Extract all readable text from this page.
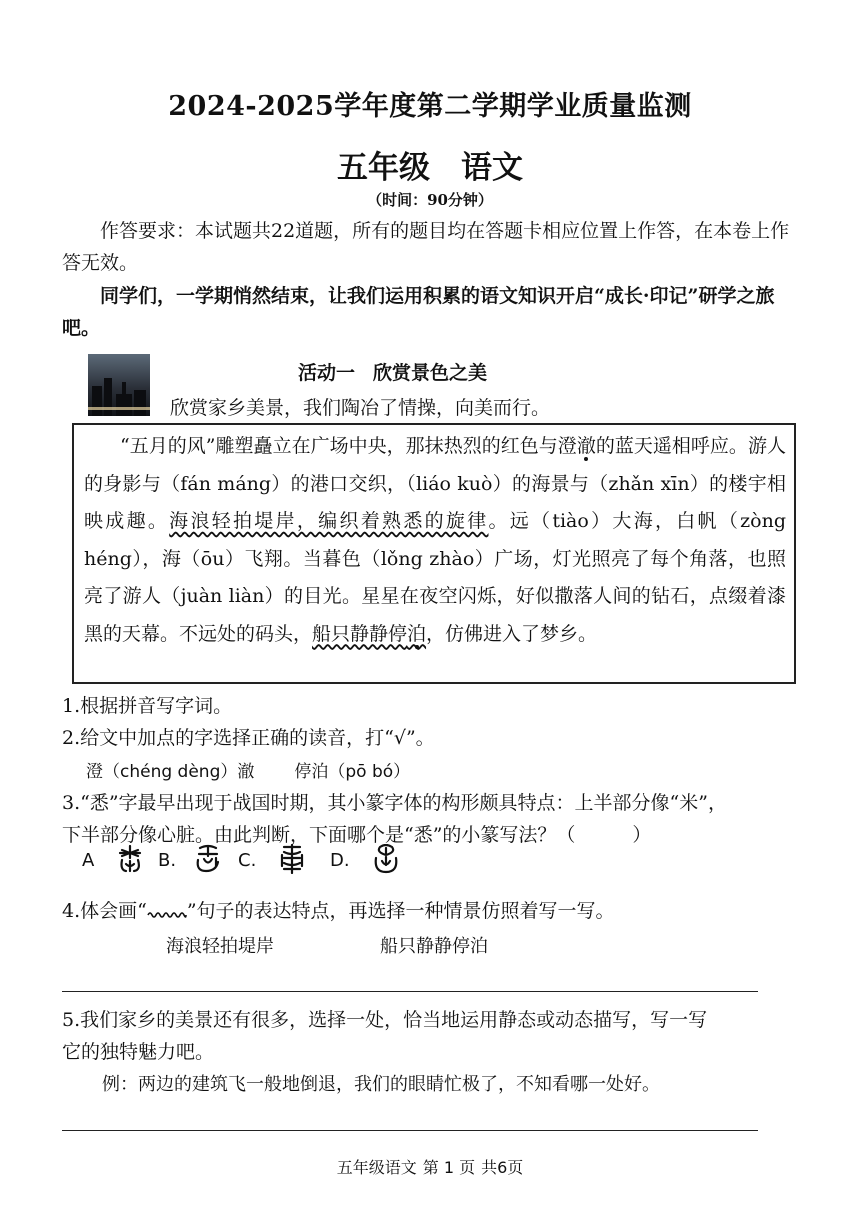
2024-2025学年度第二学期学业质量监测
五年级　语文
（时间：90分钟）
作答要求：本试题共22道题，所有的题目均在答题卡相应位置上作答，在本卷上作答无效。
同学们，一学期悄然结束，让我们运用积累的语文知识开启“成长·印记”研学之旅吧。
活动一 欣赏景色之美
欣赏家乡美景，我们陶冶了情操，向美而行。
“五月的风”雕塑矗立在广场中央，那抹热烈的红色与澄澈的蓝天遥相呼应。游人的身影与（fán máng）的港口交织，（liáo kuò）的海景与（zhǎn xīn）的楼宇相映成趣。海浪轻拍堤岸，编织着熟悉的旋律。远（tiào）大海，白帆（zòng héng），海（ōu）飞翔。当暮色（lǒng zhào）广场，灯光照亮了每个角落，也照亮了游人（juàn liàn）的目光。星星在夜空闪烁，好似撒落人间的钻石，点缀着漆黑的天幕。不远处的码头，船只静静停泊，仿佛进入了梦乡。
1.根据拼音写字词。
2.给文中加点的字选择正确的读音，打“√”。
澄（chéng dèng）澈 停泊（pō bó）
3.“悉”字最早出现于战国时期，其小篆字体的构形颇具特点：上半部分像“米”，
下半部分像心脏。由此判断，下面哪个是“悉”的小篆写法？（　　　）
A	B.	C.	D.
4.体会画“ ”句子的表达特点，再选择一种情景仿照着写一写。
海浪轻拍堤岸	船只静静停泊
5.我们家乡的美景还有很多，选择一处，恰当地运用静态或动态描写，写一写
它的独特魅力吧。
例：两边的建筑飞一般地倒退，我们的眼睛忙极了，不知看哪一处好。
五年级语文 第 1 页 共6页
